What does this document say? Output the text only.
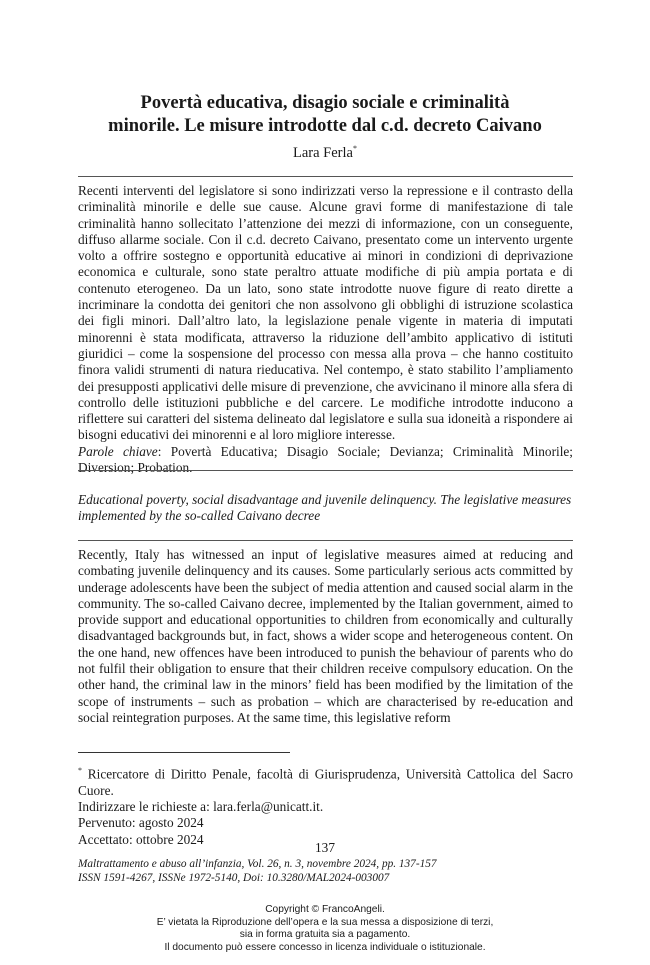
Povertà educativa, disagio sociale e criminalità
minorile. Le misure introdotte dal c.d. decreto Caivano
Lara Ferla*

Recenti interventi del legislatore si sono indirizzati verso la repressione e il contrasto della criminalità minorile e delle sue cause. Alcune gravi forme di manifestazione di tale criminalità hanno sollecitato l’attenzione dei mezzi di informazione, con un conseguente, diffuso allarme sociale. Con il c.d. decreto Caivano, presentato come un intervento urgente volto a offrire sostegno e opportunità educative ai minori in condizioni di deprivazione economica e culturale, sono state peraltro attuate modifiche di più ampia portata e di contenuto eterogeneo. Da un lato, sono state introdotte nuove figure di reato dirette a incriminare la condotta dei genitori che non assolvono gli obblighi di istruzione scolastica dei figli minori. Dall’altro lato, la legislazione penale vigente in materia di imputati minorenni è stata modificata, attraverso la riduzione dell’ambito applicativo di istituti giuridici – come la sospensione del processo con messa alla prova – che hanno costituito finora validi strumenti di natura rieducativa. Nel contempo, è stato stabilito l’ampliamento dei presupposti applicativi delle misure di prevenzione, che avvicinano il minore alla sfera di controllo delle istituzioni pubbliche e del carcere. Le modifiche introdotte inducono a riflettere sui caratteri del sistema delineato dal legislatore e sulla sua idoneità a rispondere ai bisogni educativi dei minorenni e al loro migliore interesse.

Parole chiave: Povertà Educativa; Disagio Sociale; Devianza; Criminalità Minorile; Diversion; Probation.

Educational poverty, social disadvantage and juvenile delinquency. The legislative measures implemented by the so-called Caivano decree

Recently, Italy has witnessed an input of legislative measures aimed at reducing and combating juvenile delinquency and its causes. Some particularly serious acts committed by underage adolescents have been the subject of media attention and caused social alarm in the community. The so-called Caivano decree, implemented by the Italian government, aimed to provide support and educational opportunities to children from economically and culturally disadvantaged backgrounds but, in fact, shows a wider scope and heterogeneous content. On the one hand, new offences have been introduced to punish the behaviour of parents who do not fulfil their obligation to ensure that their children receive compulsory education. On the other hand, the criminal law in the minors’ field has been modified by the limitation of the scope of instruments – such as probation – which are characterised by re-education and social reintegration purposes. At the same time, this legislative reform

* Ricercatore di Diritto Penale, facoltà di Giurisprudenza, Università Cattolica del Sacro Cuore.

Indirizzare le richieste a: lara.ferla@unicatt.it.

Pervenuto: agosto 2024

Accettato: ottobre 2024

137

Maltrattamento e abuso all’infanzia, Vol. 26, n. 3, novembre 2024, pp. 137-157

ISSN 1591-4267, ISSNe 1972-5140, Doi: 10.3280/MAL2024-003007

Copyright © FrancoAngeli.

E’ vietata la Riproduzione dell’opera e la sua messa a disposizione di terzi,

sia in forma gratuita sia a pagamento.

Il documento può essere concesso in licenza individuale o istituzionale.
